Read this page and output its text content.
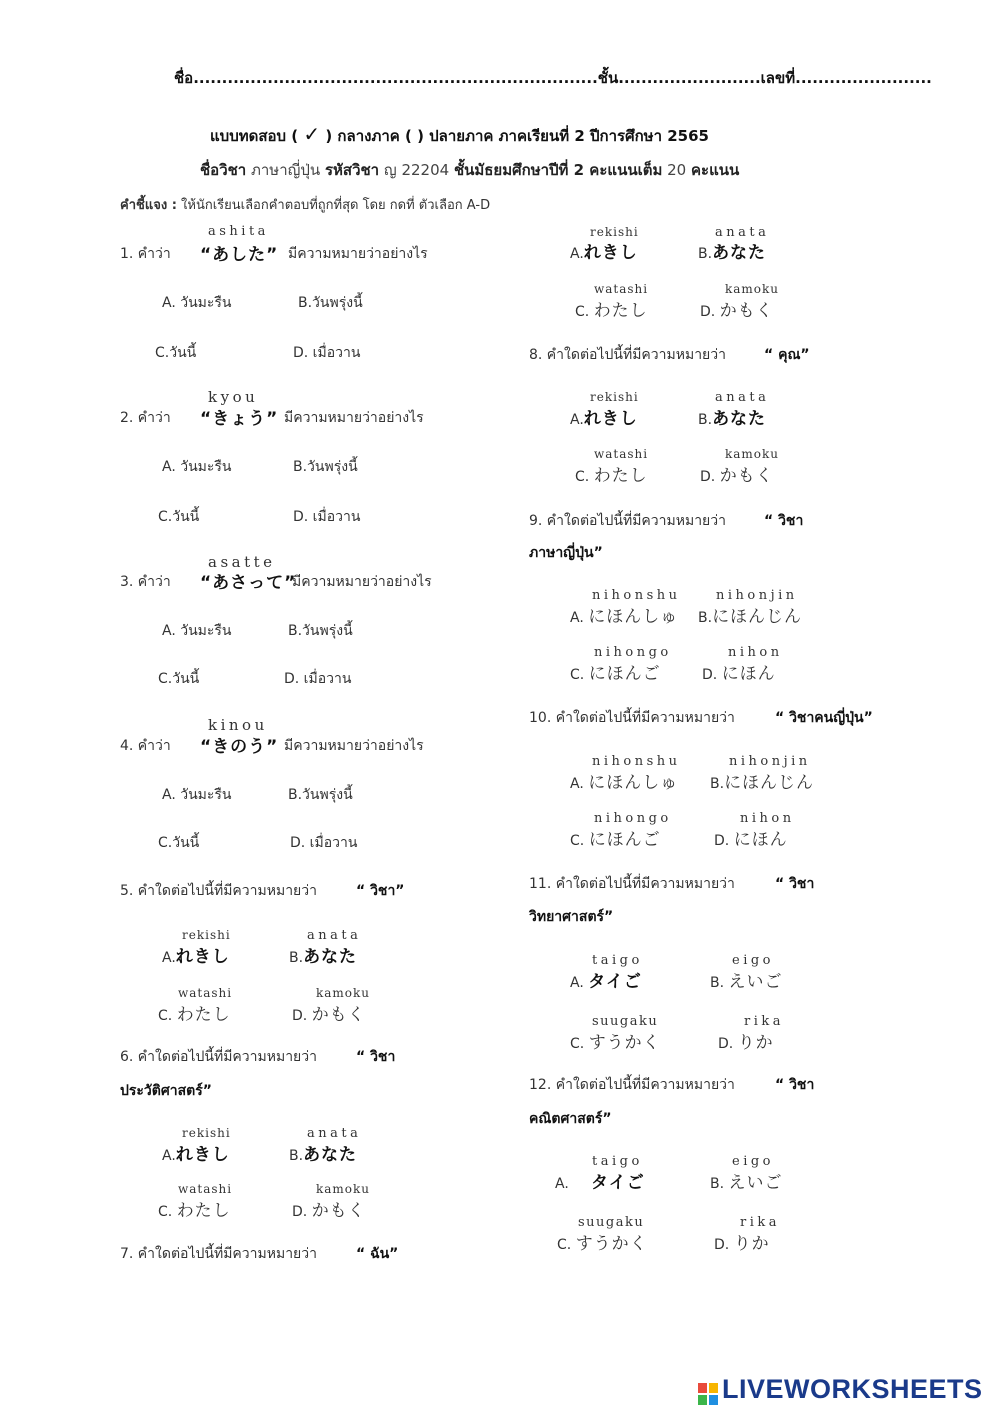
ชื่อ.......................................................................ชั้น.........................เลขที่........................
แบบทดสอบ ( ✓ ) กลางภาค ( ) ปลายภาค ภาคเรียนที่ 2 ปีการศึกษา 2565
ชื่อวิชา ภาษาญี่ปุ่น รหัสวิชา ญ 22204 ชั้นมัธยมศึกษาปีที่ 2 คะแนนเต็ม 20 คะแนน
คำชี้แจง : ให้นักเรียนเลือกคำตอบที่ถูกที่สุด โดย กดที่ ตัวเลือก A-D
ashita
1. คำว่า “あした” มีความหมายว่าอย่างไร
A. วันมะรืน	B.วันพรุ่งนี้
C.วันนี้	D. เมื่อวาน
kyou
2. คำว่า “きょう” มีความหมายว่าอย่างไร
A. วันมะรืน	B.วันพรุ่งนี้
C.วันนี้	D. เมื่อวาน
asatte
3. คำว่า “あさって”
มีความหมายว่าอย่างไร
A. วันมะรืน	B.วันพรุ่งนี้
C.วันนี้	D. เมื่อวาน
kinou
4. คำว่า “きのう” มีความหมายว่าอย่างไร
A. วันมะรืน	B.วันพรุ่งนี้
C.วันนี้	D. เมื่อวาน
5. คำใดต่อไปนี้ที่มีความหมายว่า	“ วิชา”
rekishi
A.れきし
anata
B.あなた
watashi
C. わたし
kamoku
D. かもく
6. คำใดต่อไปนี้ที่มีความหมายว่า	“ วิชา
ประวัติศาสตร์”
rekishi
A.れきし
anata
B.あなた
watashi
C. わたし
kamoku
D. かもく
7. คำใดต่อไปนี้ที่มีความหมายว่า	“ ฉัน”
rekishi
A.れきし
anata
B.あなた
watashi
C. わたし
kamoku
D. かもく
8. คำใดต่อไปนี้ที่มีความหมายว่า	“ คุณ”
rekishi
A.れきし
anata
B.あなた
watashi
C. わたし
kamoku
D. かもく
9. คำใดต่อไปนี้ที่มีความหมายว่า	“ วิชา
ภาษาญี่ปุ่น”
nihonshu
A. にほんしゅ
nihonjin
B.にほんじん
nihongo
C. にほんご
nihon
D. にほん
10. คำใดต่อไปนี้ที่มีความหมายว่า	“ วิชาคนญี่ปุ่น”
nihonshu
A. にほんしゅ
nihonjin
B.にほんじん
nihongo
C. にほんご
nihon
D. にほん
11. คำใดต่อไปนี้ที่มีความหมายว่า	“ วิชา
วิทยาศาสตร์”
taigo
A. タイご
eigo
B. えいご
suugaku
C. すうかく
rika
D. りか
12. คำใดต่อไปนี้ที่มีความหมายว่า	“ วิชา
คณิตศาสตร์”
taigo
A. タイご
eigo
B. えいご
suugaku
C. すうかく
rika
D. りか
LIVEWORKSHEETS
